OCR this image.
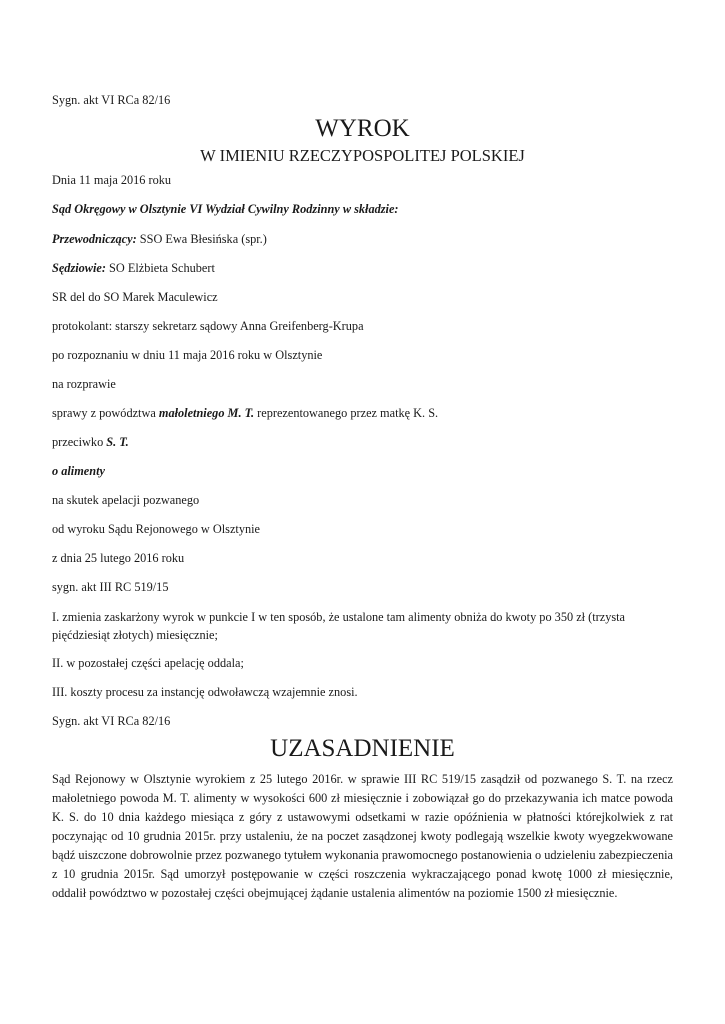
Sygn. akt VI RCa 82/16
WYROK
W IMIENIU RZECZYPOSPOLITEJ POLSKIEJ
Dnia 11 maja 2016 roku
Sąd Okręgowy w Olsztynie VI Wydział Cywilny Rodzinny w składzie:
Przewodniczący: SSO Ewa Błesińska (spr.)
Sędziowie: SO Elżbieta Schubert
SR del do SO Marek Maculewicz
protokolant: starszy sekretarz sądowy Anna Greifenberg-Krupa
po rozpoznaniu w dniu 11 maja 2016 roku w Olsztynie
na rozprawie
sprawy z powództwa małoletniego M. T. reprezentowanego przez matkę K. S.
przeciwko S. T.
o alimenty
na skutek apelacji pozwanego
od wyroku Sądu Rejonowego w Olsztynie
z dnia 25 lutego 2016 roku
sygn. akt III RC 519/15
I. zmienia zaskarżony wyrok w punkcie I w ten sposób, że ustalone tam alimenty obniża do kwoty po 350 zł (trzysta pięćdziesiąt złotych) miesięcznie;
II. w pozostałej części apelację oddala;
III. koszty procesu za instancję odwoławczą wzajemnie znosi.
Sygn. akt VI RCa 82/16
UZASADNIENIE
Sąd Rejonowy w Olsztynie wyrokiem z 25 lutego 2016r. w sprawie III RC 519/15 zasądził od pozwanego S. T. na rzecz małoletniego powoda M. T. alimenty w wysokości 600 zł miesięcznie i zobowiązał go do przekazywania ich matce powoda K. S. do 10 dnia każdego miesiąca z góry z ustawowymi odsetkami w razie opóźnienia w płatności którejkolwiek z rat poczynając od 10 grudnia 2015r. przy ustaleniu, że na poczet zasądzonej kwoty podlegają wszelkie kwoty wyegzekwowane bądź uiszczone dobrowolnie przez pozwanego tytułem wykonania prawomocnego postanowienia o udzieleniu zabezpieczenia z 10 grudnia 2015r. Sąd umorzył postępowanie w części roszczenia wykraczającego ponad kwotę 1000 zł miesięcznie, oddalił powództwo w pozostałej części obejmującej żądanie ustalenia alimentów na poziomie 1500 zł miesięcznie.
